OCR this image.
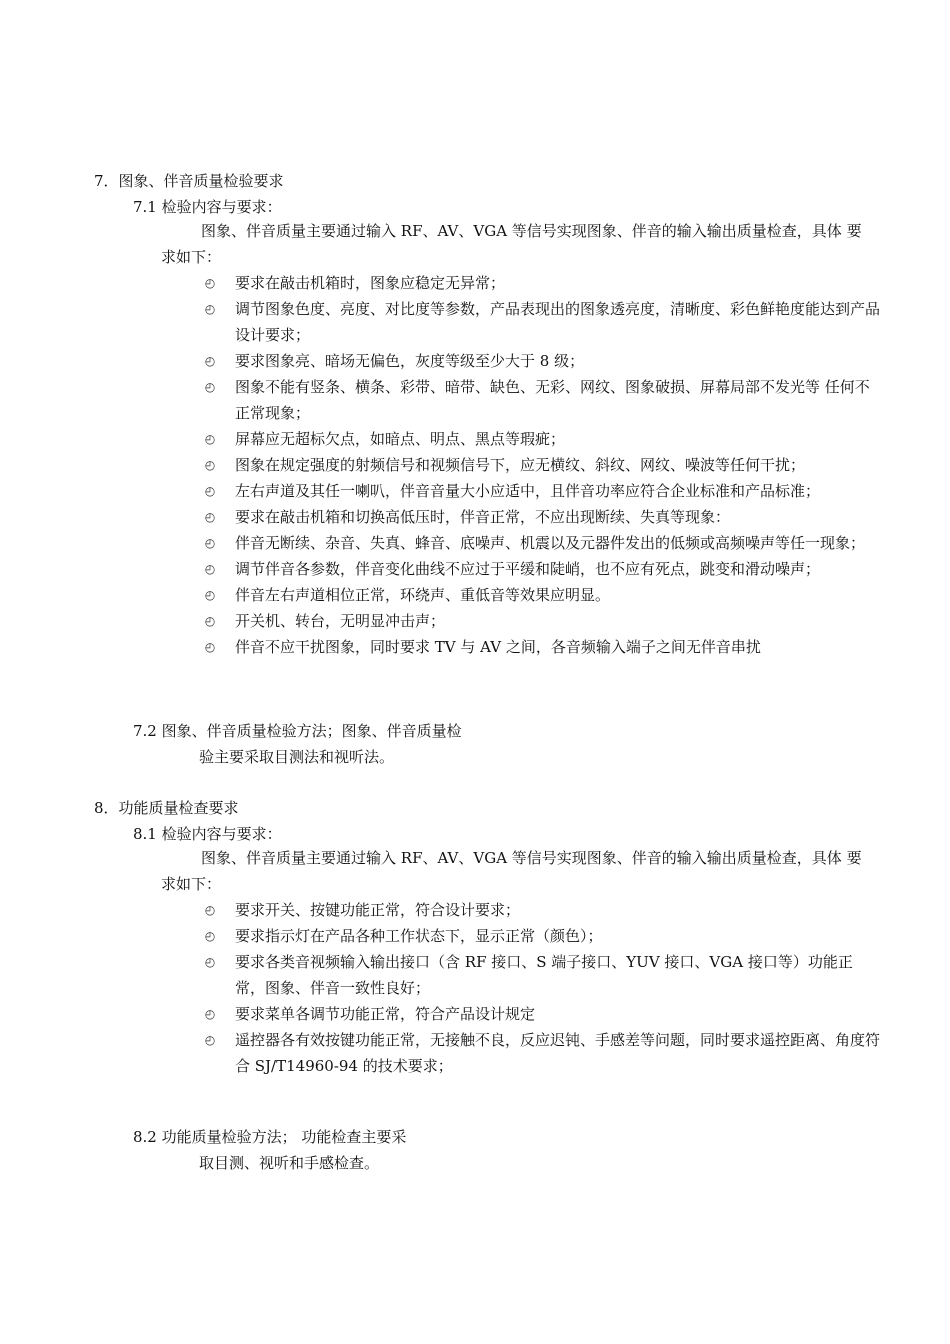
7．图象、伴音质量检验要求
7.1 检验内容与要求：
图象、伴音质量主要通过输入 RF、AV、VGA 等信号实现图象、伴音的输入输出质量检查，具体 要求如下：
◴	要求在敲击机箱时，图象应稳定无异常；
◴	调节图象色度、亮度、对比度等参数，产品表现出的图象透亮度，清晰度、彩色鲜艳度能达到产品设计要求；
◴	要求图象亮、暗场无偏色，灰度等级至少大于 8 级；
◴	图象不能有竖条、横条、彩带、暗带、缺色、无彩、网纹、图象破损、屏幕局部不发光等 任何不正常现象；
◴	屏幕应无超标欠点，如暗点、明点、黑点等瑕疵；
◴	图象在规定强度的射频信号和视频信号下，应无横纹、斜纹、网纹、噪波等任何干扰；
◴	左右声道及其任一喇叭，伴音音量大小应适中，且伴音功率应符合企业标准和产品标准；
◴	要求在敲击机箱和切换高低压时，伴音正常，不应出现断续、失真等现象：
◴	伴音无断续、杂音、失真、蜂音、底噪声、机震以及元器件发出的低频或高频噪声等任一现象；
◴	调节伴音各参数，伴音变化曲线不应过于平缓和陡峭，也不应有死点，跳变和滑动噪声；
◴	伴音左右声道相位正常，环绕声、重低音等效果应明显。
◴	开关机、转台，无明显冲击声；
◴	伴音不应干扰图象，同时要求 TV 与 AV 之间，各音频输入端子之间无伴音串扰
7.2 图象、伴音质量检验方法；图象、伴音质量检
验主要采取目测法和视听法。
8．功能质量检查要求
8.1 检验内容与要求：
图象、伴音质量主要通过输入 RF、AV、VGA 等信号实现图象、伴音的输入输出质量检查，具体 要求如下：
◴	要求开关、按键功能正常，符合设计要求；
◴	要求指示灯在产品各种工作状态下，显示正常（颜色）；
◴	要求各类音视频输入输出接口（含 RF 接口、S 端子接口、YUV 接口、VGA 接口等）功能正常，图象、伴音一致性良好；
◴	要求菜单各调节功能正常，符合产品设计规定
◴	遥控器各有效按键功能正常，无接触不良，反应迟钝、手感差等问题，同时要求遥控距离、角度符合 SJ/T14960-94 的技术要求；
8.2 功能质量检验方法； 功能检查主要采
取目测、视听和手感检查。
